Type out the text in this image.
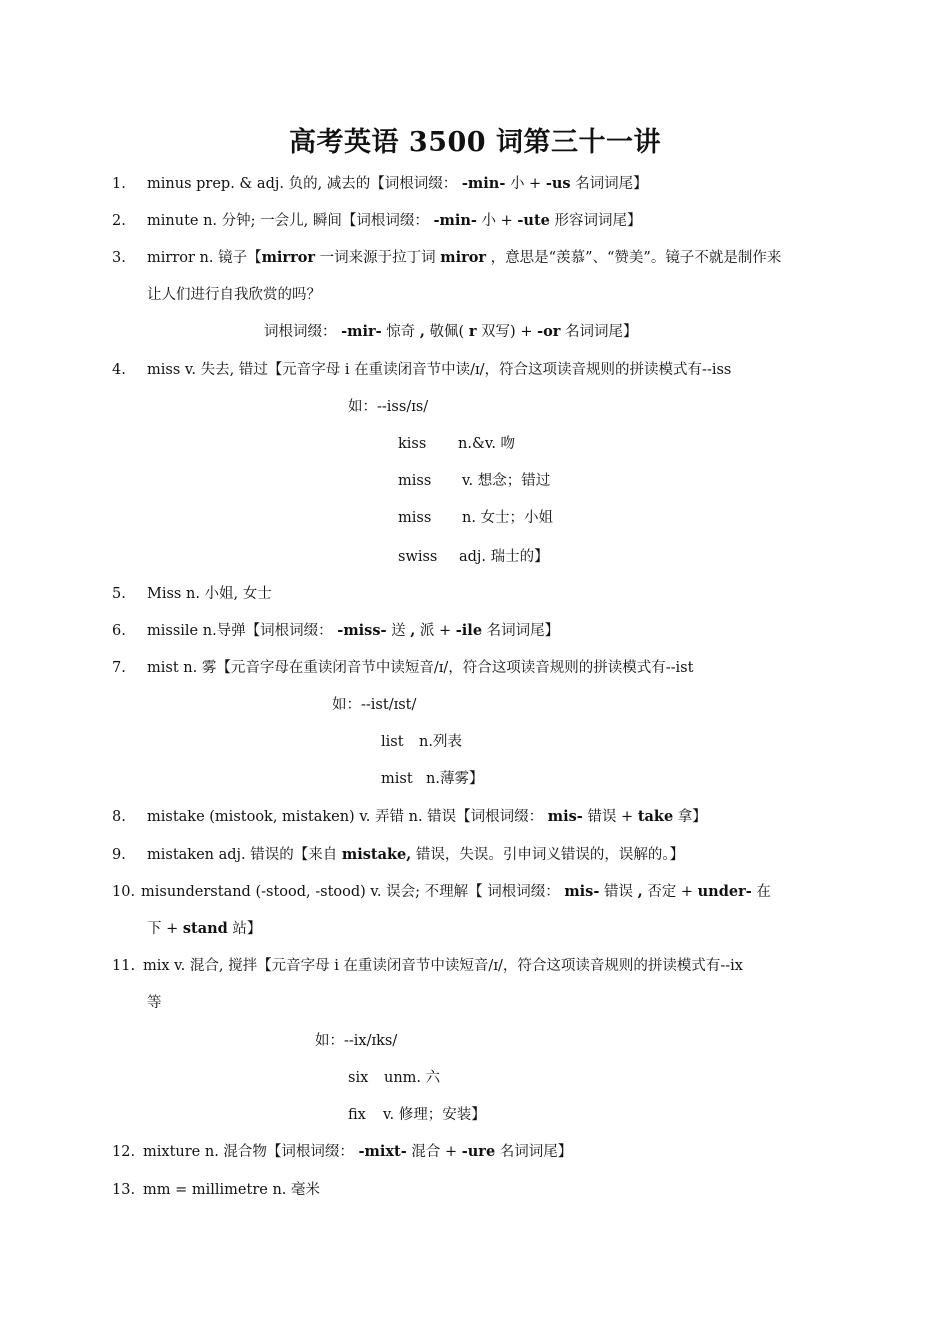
高考英语 3500 词第三十一讲
1. minus prep. & adj. 负的, 减去的【词根词缀： -min- 小 + -us 名词词尾】
2. minute n. 分钟; 一会儿, 瞬间【词根词缀： -min- 小 + -ute 形容词词尾】
3. mirror n. 镜子【mirror 一词来源于拉丁词 miror ，意思是“羡慕”、“赞美”。镜子不就是制作来
让人们进行自我欣赏的吗？
词根词缀： -mir- 惊奇 , 敬佩( r 双写) + -or 名词词尾】
4. miss v. 失去, 错过【元音字母 i 在重读闭音节中读/ɪ/，符合这项读音规则的拼读模式有--iss
如：--iss/ɪs/
kiss n.&v. 吻
miss v. 想念；错过
miss n. 女士；小姐
swiss adj. 瑞士的】
5. Miss n. 小姐, 女士
6. missile n.导弹【词根词缀： -miss- 送 , 派 + -ile 名词词尾】
7. mist n. 雾【元音字母在重读闭音节中读短音/ɪ/，符合这项读音规则的拼读模式有--ist
如：--ist/ɪst/
list n.列表
mist n.薄雾】
8. mistake (mistook, mistaken) v. 弄错 n. 错误【词根词缀： mis- 错误 + take 拿】
9. mistaken adj. 错误的【来自 mistake, 错误，失误。引申词义错误的，误解的。】
10. misunderstand (-stood, -stood) v. 误会; 不理解【 词根词缀： mis- 错误 , 否定 + under- 在
下 + stand 站】
11. mix v. 混合, 搅拌【元音字母 i 在重读闭音节中读短音/ɪ/，符合这项读音规则的拼读模式有--ix
等
如：--ix/ɪks/
six unm. 六
fix v. 修理；安装】
12. mixture n. 混合物【词根词缀： -mixt- 混合 + -ure 名词词尾】
13. mm = millimetre n. 毫米
